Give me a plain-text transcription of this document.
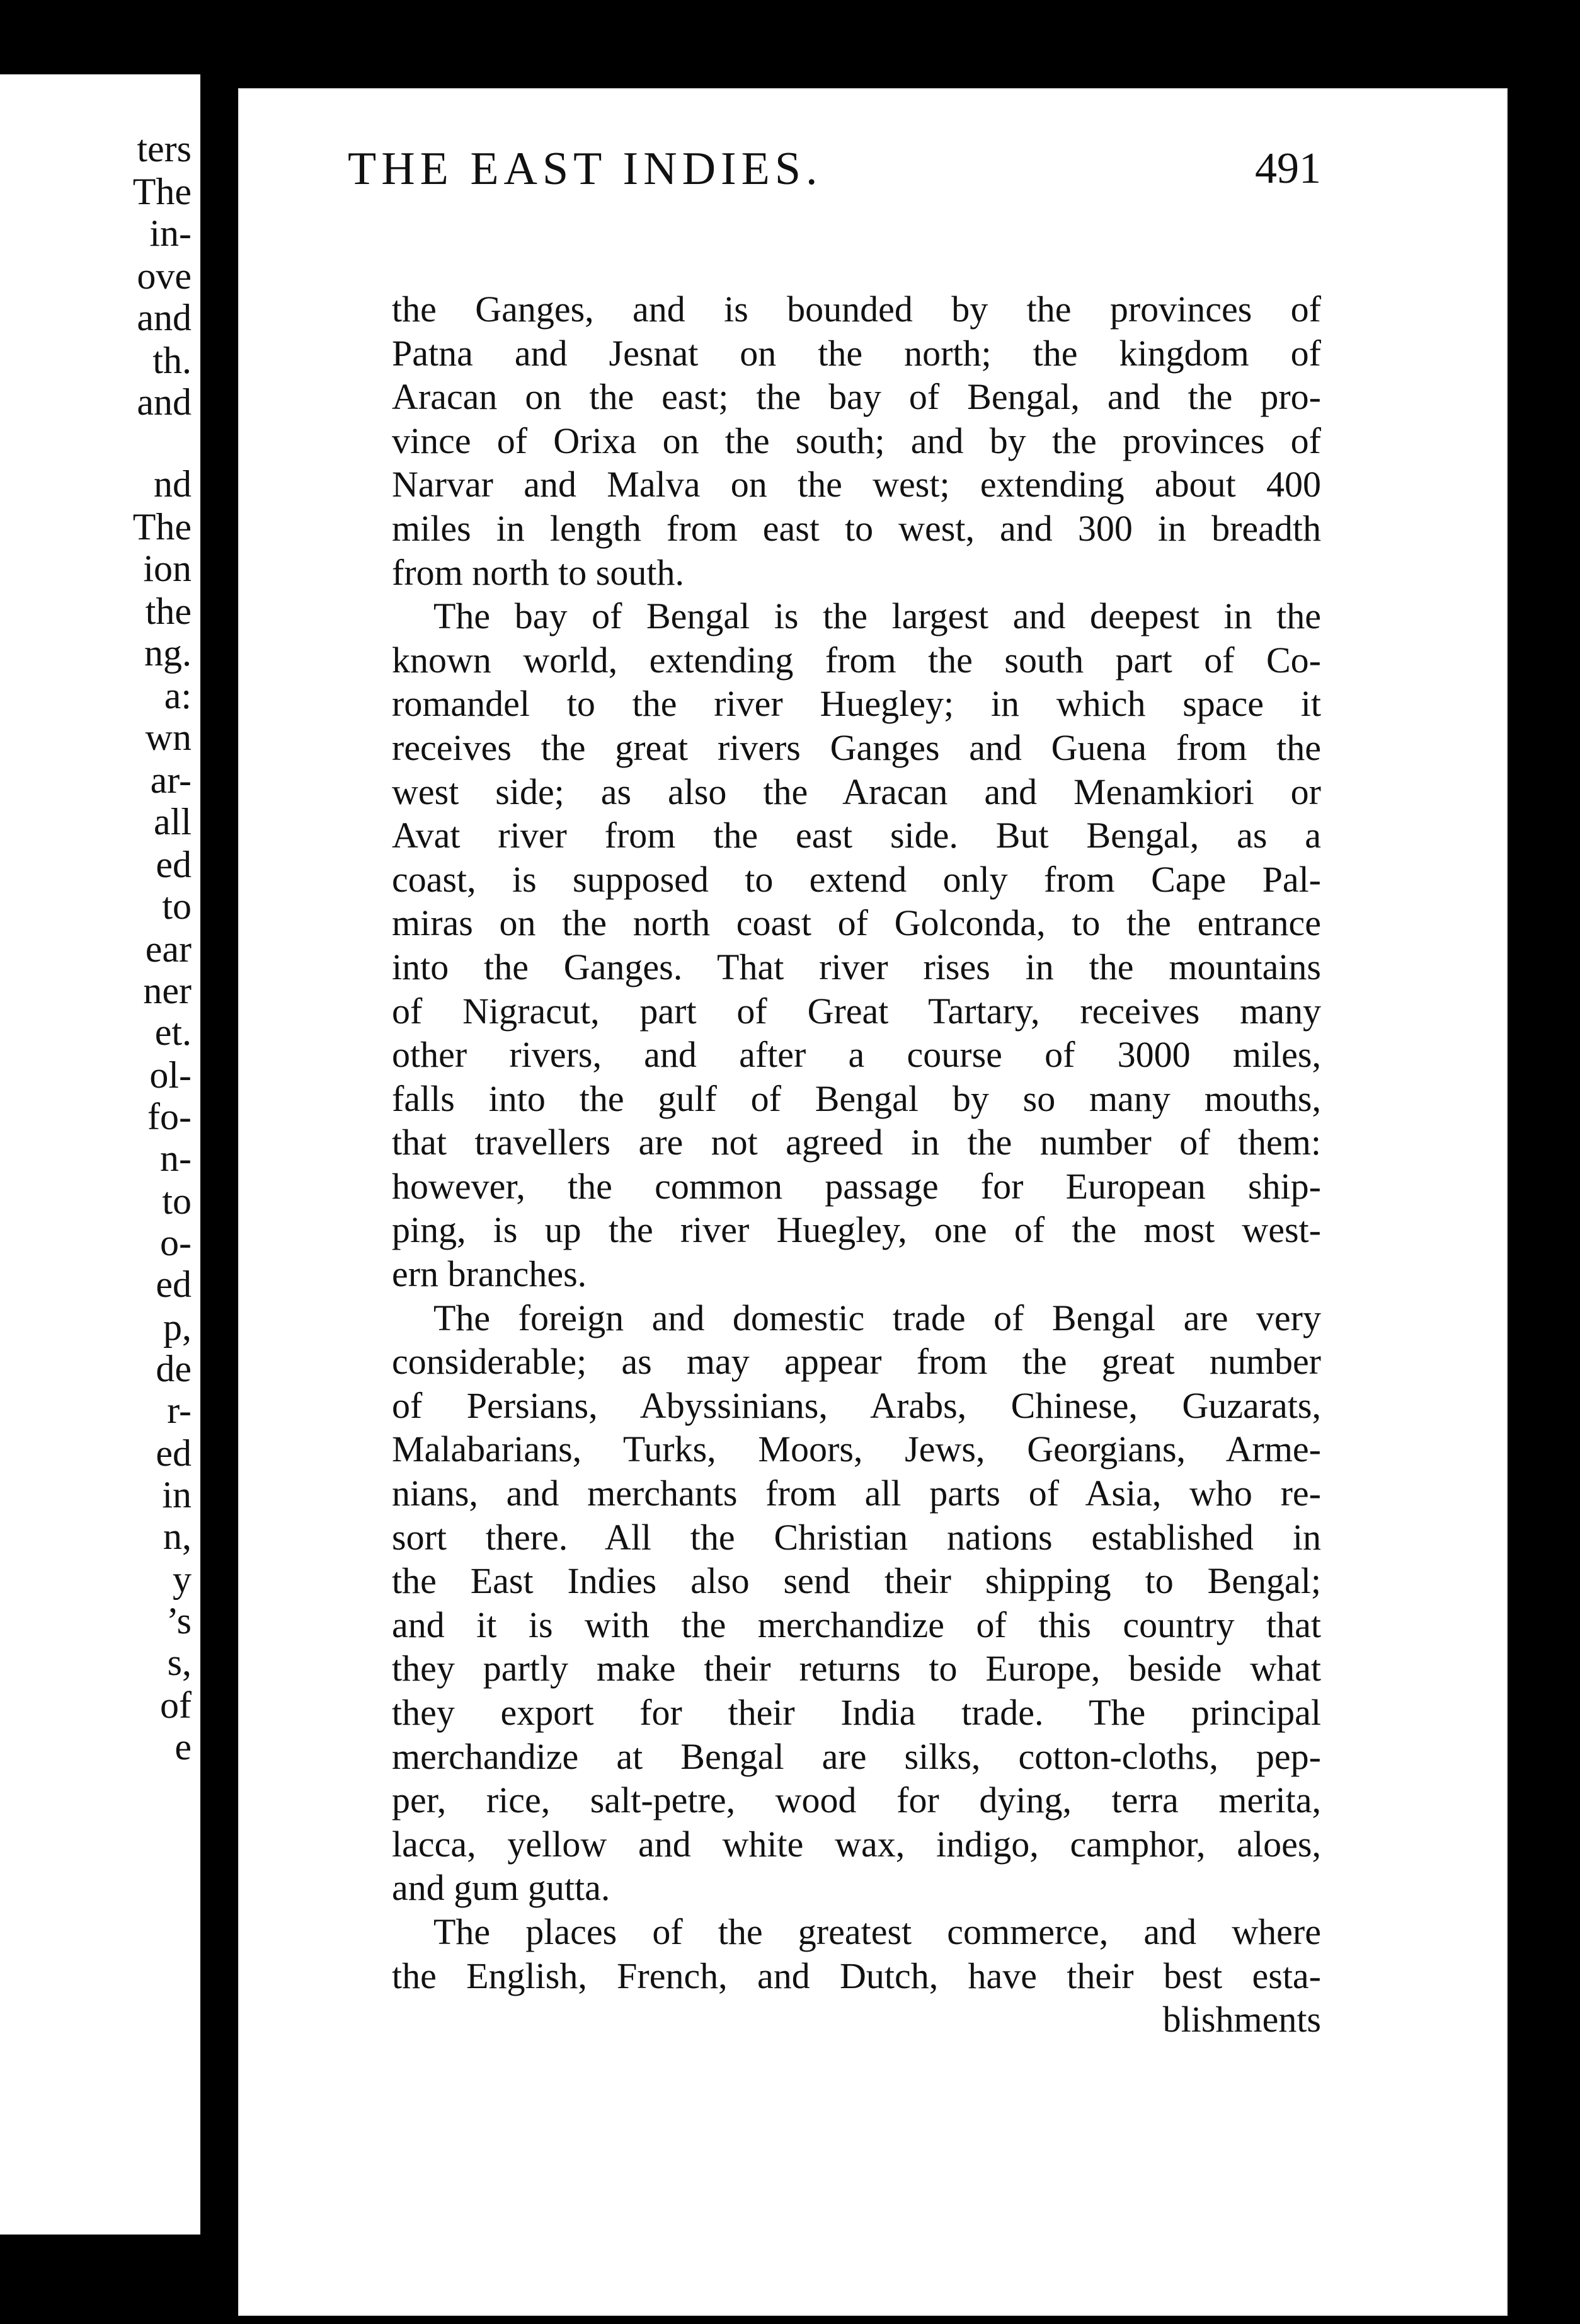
ters

The

in-

ove

and

th.

and

nd

The

ion

the

ng.

a:

wn

ar-

all

ed

to

ear

ner

et.

ol-

fo-

n-

to

o-

ed

p,

de

r-

ed

in

n,

y

’s

s,

of

e

THE EAST INDIES.	491

the Ganges, and is bounded by the provinces of
Patna and Jesnat on the north; the kingdom of
Aracan on the east; the bay of Bengal, and the pro-
vince of Orixa on the south; and by the provinces of
Narvar and Malva on the west; extending about 400
miles in length from east to west, and 300 in breadth
from north to south.

The bay of Bengal is the largest and deepest in the
known world, extending from the south part of Co-
romandel to the river Huegley; in which space it
receives the great rivers Ganges and Guena from the
west side; as also the Aracan and Menamkiori or
Avat river from the east side. But Bengal, as a
coast, is supposed to extend only from Cape Pal-
miras on the north coast of Golconda, to the entrance
into the Ganges. That river rises in the mountains
of Nigracut, part of Great Tartary, receives many
other rivers, and after a course of 3000 miles,
falls into the gulf of Bengal by so many mouths,
that travellers are not agreed in the number of them:
however, the common passage for European ship-
ping, is up the river Huegley, one of the most west-
ern branches.

The foreign and domestic trade of Bengal are very
considerable; as may appear from the great number
of Persians, Abyssinians, Arabs, Chinese, Guzarats,
Malabarians, Turks, Moors, Jews, Georgians, Arme-
nians, and merchants from all parts of Asia, who re-
sort there. All the Christian nations established in
the East Indies also send their shipping to Bengal;
and it is with the merchandize of this country that
they partly make their returns to Europe, beside what
they export for their India trade. The principal
merchandize at Bengal are silks, cotton-cloths, pep-
per, rice, salt-petre, wood for dying, terra merita,
lacca, yellow and white wax, indigo, camphor, aloes,
and gum gutta.

The places of the greatest commerce, and where
the English, French, and Dutch, have their best esta-

blishments
